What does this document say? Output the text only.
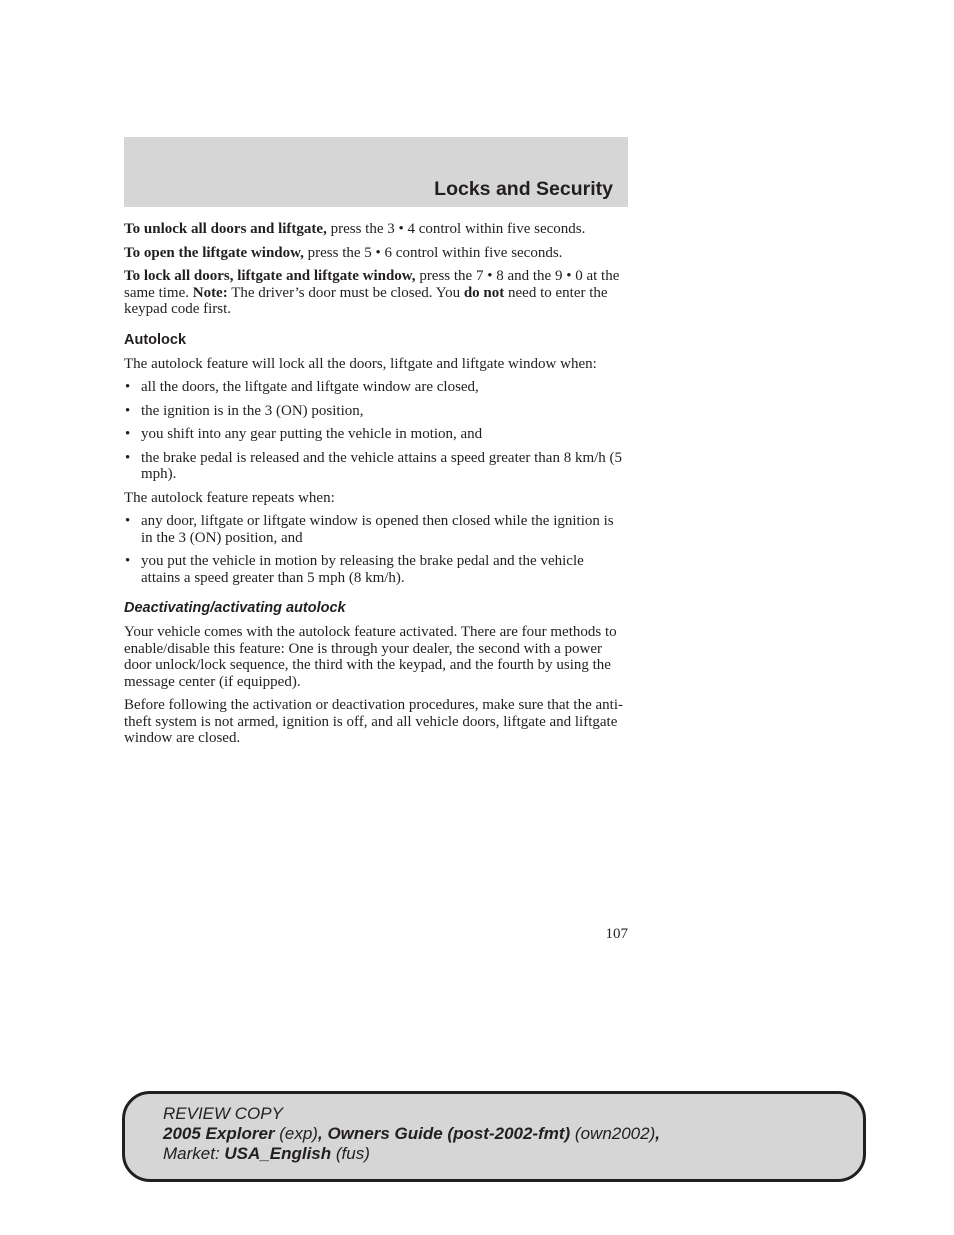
Locks and Security

To unlock all doors and liftgate, press the 3 • 4 control within five seconds.

To open the liftgate window, press the 5 • 6 control within five seconds.

To lock all doors, liftgate and liftgate window, press the 7 • 8 and the 9 • 0 at the same time. Note: The driver’s door must be closed. You do not need to enter the keypad code first.

Autolock

The autolock feature will lock all the doors, liftgate and liftgate window when:

• all the doors, the liftgate and liftgate window are closed,
• the ignition is in the 3 (ON) position,
• you shift into any gear putting the vehicle in motion, and
• the brake pedal is released and the vehicle attains a speed greater than 8 km/h (5 mph).

The autolock feature repeats when:

• any door, liftgate or liftgate window is opened then closed while the ignition is in the 3 (ON) position, and
• you put the vehicle in motion by releasing the brake pedal and the vehicle attains a speed greater than 5 mph (8 km/h).
Deactivating/activating autolock

Your vehicle comes with the autolock feature activated. There are four methods to enable/disable this feature: One is through your dealer, the second with a power door unlock/lock sequence, the third with the keypad, and the fourth by using the message center (if equipped).

Before following the activation or deactivation procedures, make sure that the anti-theft system is not armed, ignition is off, and all vehicle doors, liftgate and liftgate window are closed.

107
REVIEW COPY
2005 Explorer (exp), Owners Guide (post-2002-fmt) (own2002),
Market: USA_English (fus)
